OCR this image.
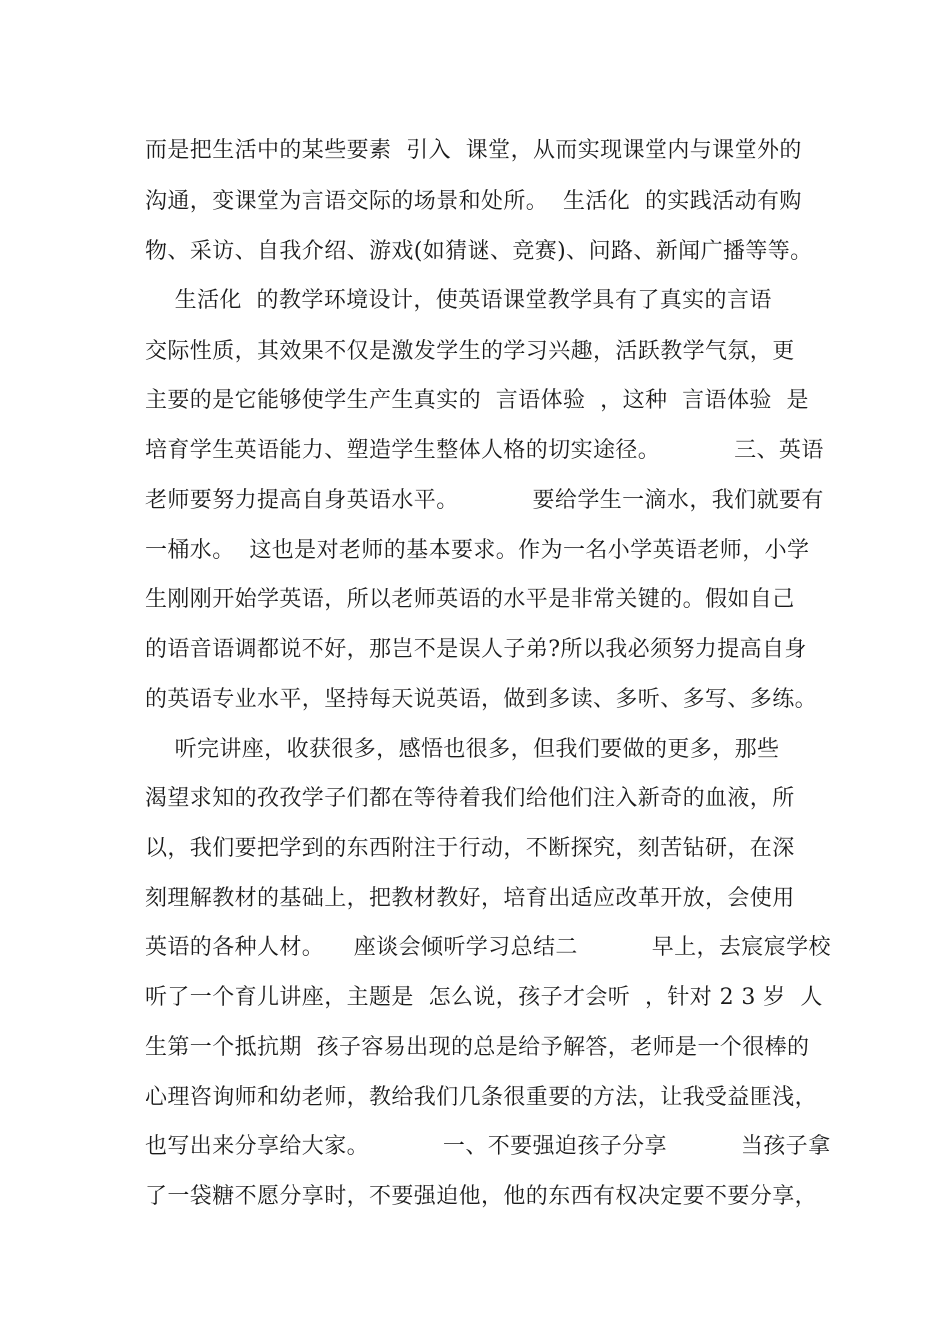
而是把生活中的某些要素  引入  课堂，从而实现课堂内与课堂外的

沟通，变课堂为言语交际的场景和处所。  生活化  的实践活动有购

物、采访、自我介绍、游戏(如猜谜、竞赛)、问路、新闻广播等等。

生活化  的教学环境设计，使英语课堂教学具有了真实的言语

交际性质，其效果不仅是激发学生的学习兴趣，活跃教学气氛，更

主要的是它能够使学生产生真实的  言语体验  ，这种  言语体验  是

培育学生英语能力、塑造学生整体人格的切实途径。          三、英语

老师要努力提高自身英语水平。          要给学生一滴水，我们就要有

一桶水。  这也是对老师的基本要求。作为一名小学英语老师，小学

生刚刚开始学英语，所以老师英语的水平是非常关键的。假如自己

的语音语调都说不好，那岂不是误人子弟?所以我必须努力提高自身

的英语专业水平，坚持每天说英语，做到多读、多听、多写、多练。

听完讲座，收获很多，感悟也很多，但我们要做的更多，那些

渴望求知的孜孜学子们都在等待着我们给他们注入新奇的血液，所

以，我们要把学到的东西附注于行动，不断探究，刻苦钻研，在深

刻理解教材的基础上，把教材教好，培育出适应改革开放，会使用

英语的各种人材。    座谈会倾听学习总结二          早上，去宸宸学校

听了一个育儿讲座，主题是  怎么说，孩子才会听  ，针对 2 3 岁  人

生第一个抵抗期  孩子容易出现的总是给予解答，老师是一个很棒的

心理咨询师和幼老师，教给我们几条很重要的方法，让我受益匪浅，

也写出来分享给大家。          一、不要强迫孩子分享          当孩子拿

了一袋糖不愿分享时，不要强迫他，他的东西有权决定要不要分享，
